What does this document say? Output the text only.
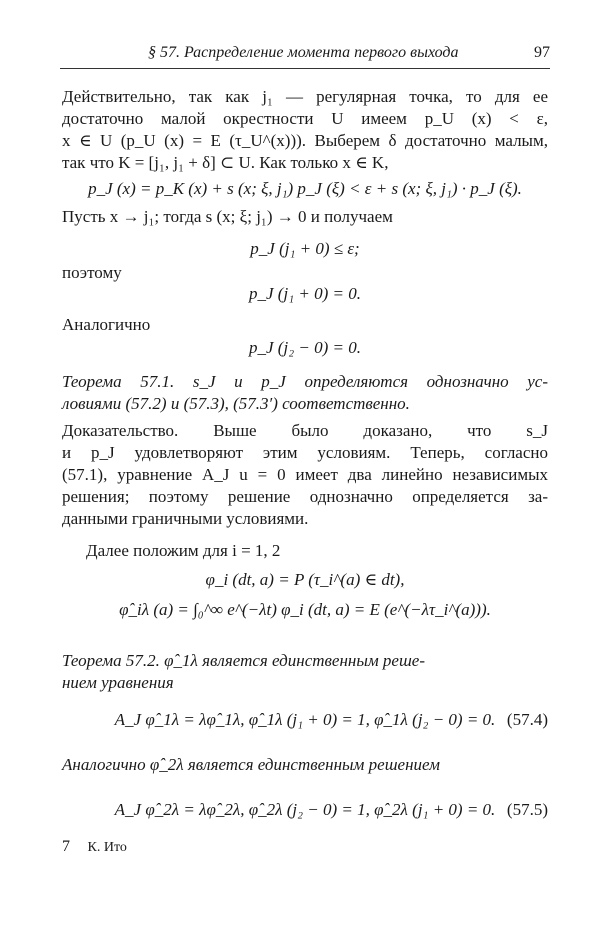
§ 57. Распределение момента первого выхода	97
Действительно, так как j₁ — регулярная точка, то для ее
достаточно малой окрестности U имеем p_U (x) < ε,
x ∈ U (p_U (x) = E (τ_U^(x))). Выберем δ достаточно малым,
так что K = [j₁, j₁ + δ] ⊂ U. Как только x ∈ K,
p_J (x) = p_K (x) + s (x; ξ, j₁) p_J (ξ) < ε + s (x; ξ, j₁) · p_J (ξ).
Пусть x → j₁; тогда s (x; ξ; j₁) → 0 и получаем
p_J (j₁ + 0) ≤ ε;
поэтому
p_J (j₁ + 0) = 0.
Аналогично
p_J (j₂ − 0) = 0.
Теорема 57.1. s_J и p_J определяются однозначно ус-
ловиями (57.2) и (57.3), (57.3′) соответственно.
Доказательство. Выше было доказано, что s_J
и p_J удовлетворяют этим условиям. Теперь, согласно
(57.1), уравнение A_J u = 0 имеет два линейно независимых
решения; поэтому решение однозначно определяется за-
данными граничными условиями.
Далее положим для i = 1, 2
φ_i (dt, a) = P (τ_i^(a) ∈ dt),
φ̂_iλ (a) = ∫₀^∞ e^(−λt) φ_i (dt, a) = E (e^(−λτ_i^(a))).
Теорема 57.2. φ̂_1λ является единственным реше-
нием уравнения
A_J φ̂_1λ = λφ̂_1λ, φ̂_1λ (j₁ + 0) = 1, φ̂_1λ (j₂ − 0) = 0. (57.4)
Аналогично φ̂_2λ является единственным решением
A_J φ̂_2λ = λφ̂_2λ, φ̂_2λ (j₂ − 0) = 1, φ̂_2λ (j₁ + 0) = 0. (57.5)
7 К. Ито
